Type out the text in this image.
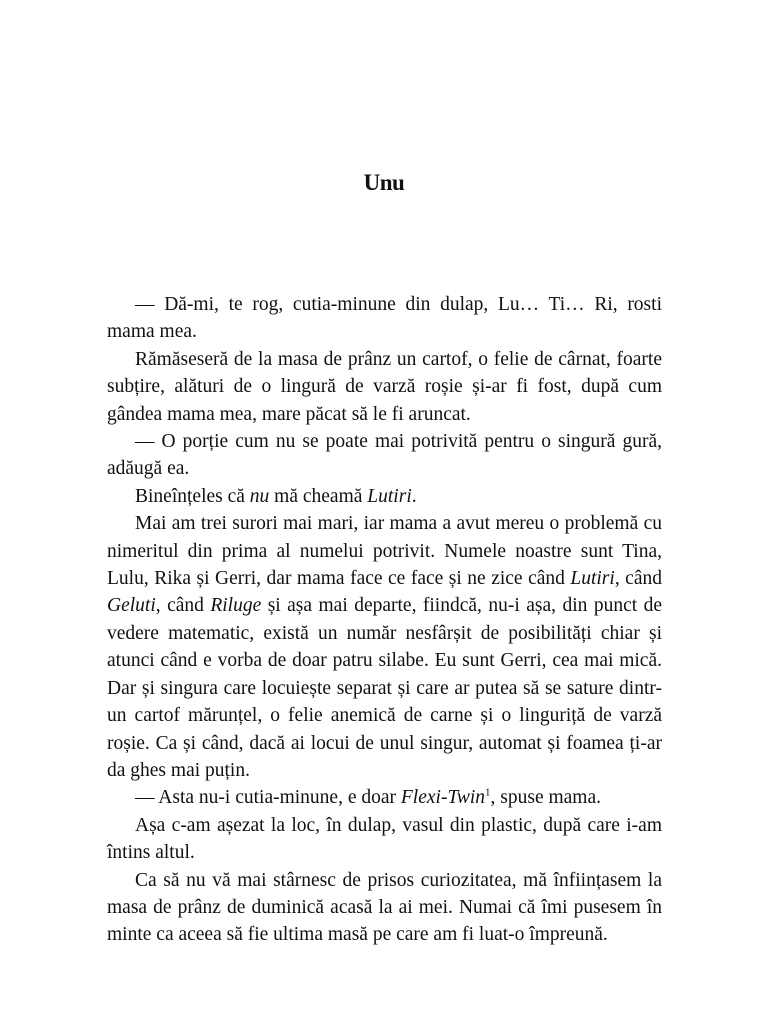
Unu

— Dă-mi, te rog, cutia-minune din dulap, Lu… Ti… Ri, rosti mama mea.

Rămăseseră de la masa de prânz un cartof, o felie de cârnat, foarte subțire, alături de o lingură de varză roșie și-ar fi fost, după cum gândea mama mea, mare păcat să le fi aruncat.

— O porție cum nu se poate mai potrivită pentru o singură gură, adăugă ea.

Bineînțeles că nu mă cheamă Lutiri.

Mai am trei surori mai mari, iar mama a avut mereu o problemă cu nimeritul din prima al numelui potrivit. Numele noastre sunt Tina, Lulu, Rika și Gerri, dar mama face ce face și ne zice când Lutiri, când Geluti, când Riluge și așa mai departe, fiindcă, nu-i așa, din punct de vedere matematic, există un număr nesfârșit de posibilități chiar și atunci când e vorba de doar patru silabe. Eu sunt Gerri, cea mai mică. Dar și singura care locuiește separat și care ar putea să se sature dintr-un cartof mărunțel, o felie anemică de carne și o linguriță de varză roșie. Ca și când, dacă ai locui de unul singur, automat și foamea ți-ar da ghes mai puțin.

— Asta nu-i cutia-minune, e doar Flexi-Twin$^1$, spuse mama.

Așa c-am așezat la loc, în dulap, vasul din plastic, după care i-am întins altul.

Ca să nu vă mai stârnesc de prisos curiozitatea, mă înființasem la masa de prânz de duminică acasă la ai mei. Numai că îmi pusesem în minte ca aceea să fie ultima masă pe care am fi luat-o împreună.
